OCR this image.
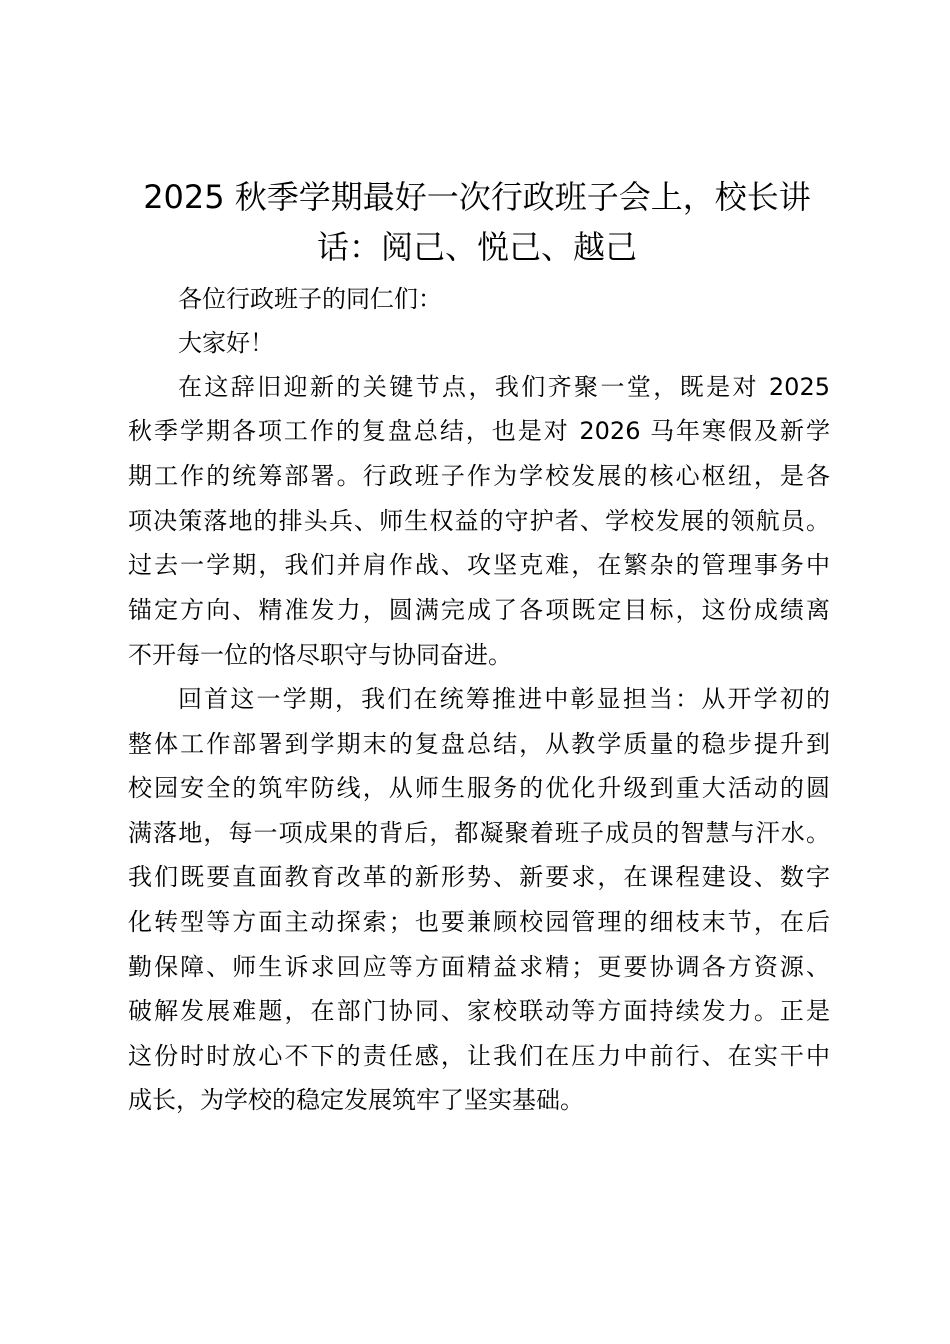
2025 秋季学期最好一次行政班子会上，校长讲话：阅己、悦己、越己

各位行政班子的同仁们：

大家好！

在这辞旧迎新的关键节点，我们齐聚一堂，既是对 2025

秋季学期各项工作的复盘总结，也是对 2026 马年寒假及新学

期工作的统筹部署。行政班子作为学校发展的核心枢纽，是各

项决策落地的排头兵、师生权益的守护者、学校发展的领航员。

过去一学期，我们并肩作战、攻坚克难，在繁杂的管理事务中

锚定方向、精准发力，圆满完成了各项既定目标，这份成绩离

不开每一位的恪尽职守与协同奋进。

回首这一学期，我们在统筹推进中彰显担当：从开学初的

整体工作部署到学期末的复盘总结，从教学质量的稳步提升到

校园安全的筑牢防线，从师生服务的优化升级到重大活动的圆

满落地，每一项成果的背后，都凝聚着班子成员的智慧与汗水。

我们既要直面教育改革的新形势、新要求，在课程建设、数字

化转型等方面主动探索；也要兼顾校园管理的细枝末节，在后

勤保障、师生诉求回应等方面精益求精；更要协调各方资源、

破解发展难题，在部门协同、家校联动等方面持续发力。正是

这份时时放心不下的责任感，让我们在压力中前行、在实干中

成长，为学校的稳定发展筑牢了坚实基础。
